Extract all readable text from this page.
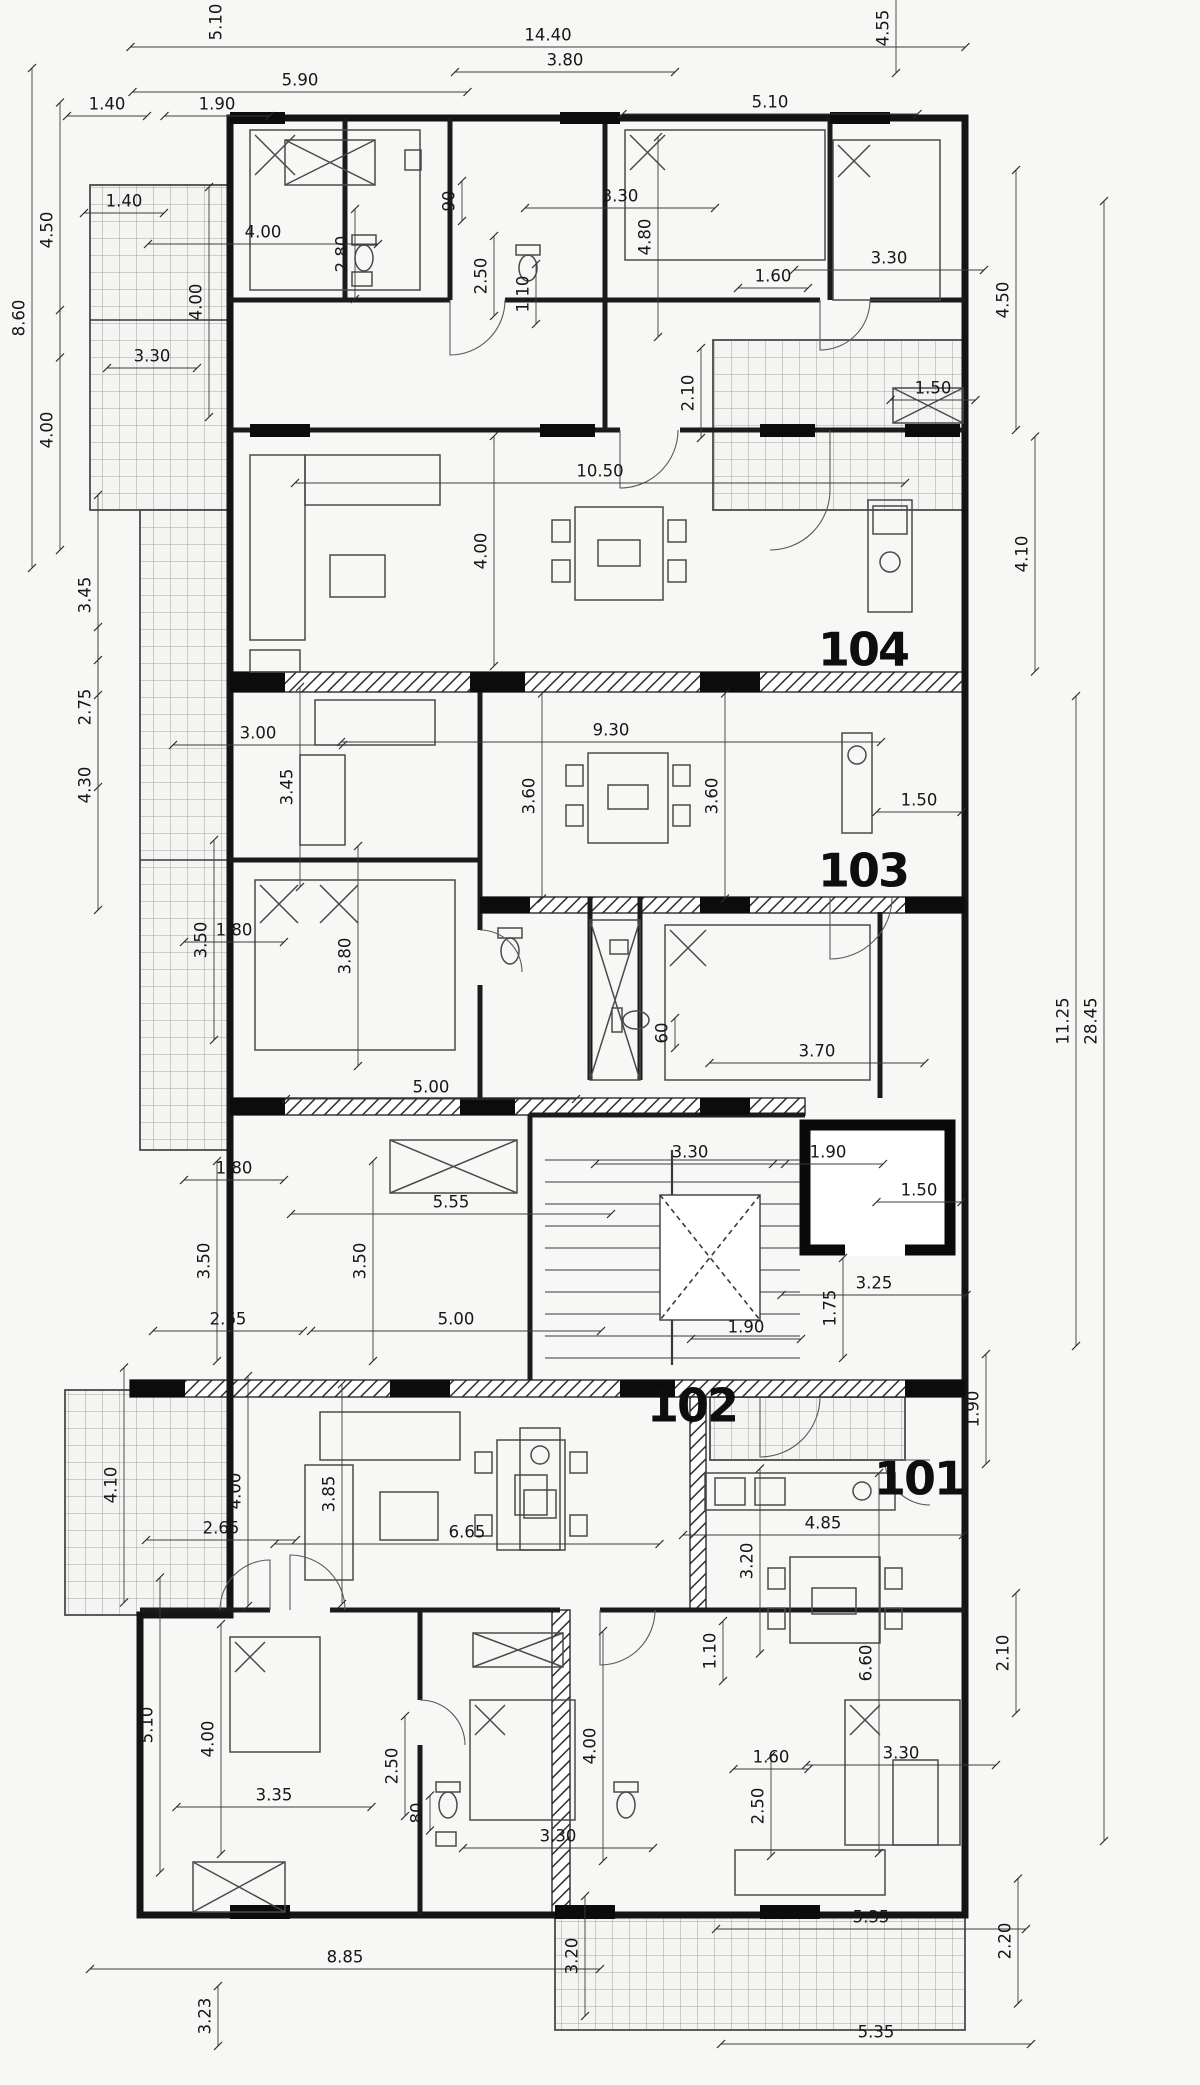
5.10	14.40
3.80
4.55
5.90
1.40	1.90	5.10
4.50
8.60
4.00
3.45
2.75
4.30
3.50
4.10
5.10
3.23
1.40
4.00
4.00
2.80
90
2.50
3.30
3.30
4.80
1.60
3.30
4.50
1.10
2.10	1.50
4.10
10.50
4.00
9.30
3.60	3.60
3.00
3.45	1.50
1.80
3.80
5.00
3.70
60
5.55
1.80
3.30	1.90
1.50
3.25
1.75
1.90
3.50	3.50
2.65	5.00
1.90
2.65
4.00	3.85
6.65	4.85
3.20
6.60
3.30
2.10
1.10
1.60
2.50
4.00
3.35
2.50
80
3.30
4.00
8.85
5.35
3.20	2.20
5.35
11.25 28.45
104
103
102
101
